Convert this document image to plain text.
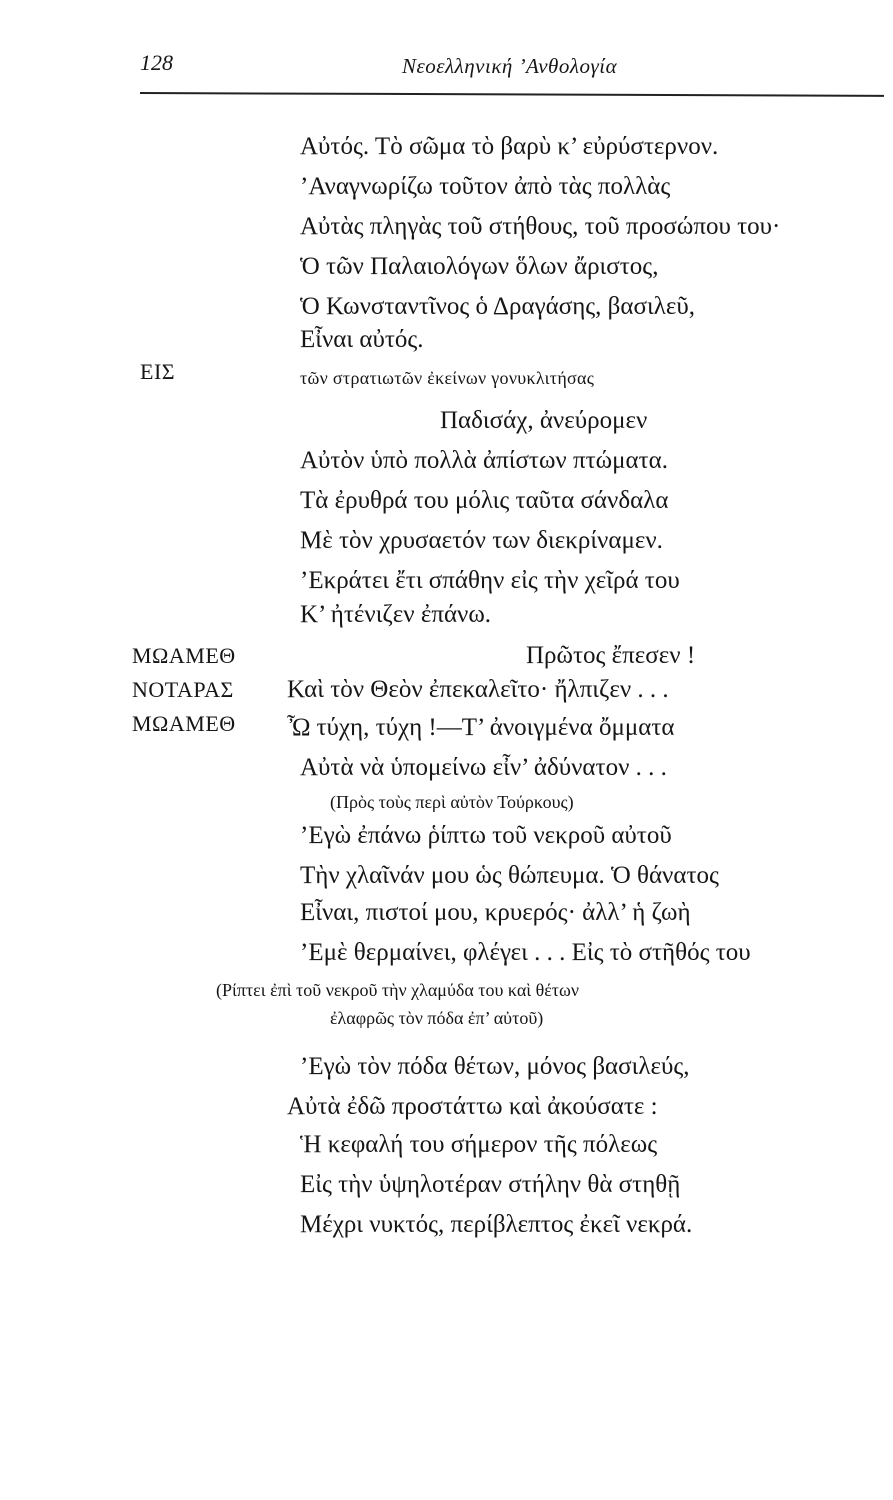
128	Νεοελληνική ’Ανθολογία
ΕΙΣ
ΜΩΑΜΕΘ
ΝΟΤΑΡΑΣ
ΜΩΑΜΕΘ
Αὐτός. Τὸ σῶμα τὸ βαρὺ κ’ εὐρύστερνον.
’Αναγνωρίζω τοῦτον ἀπὸ τὰς πολλὰς
Αὐτὰς πληγὰς τοῦ στήθους, τοῦ προσώπου του·
Ὁ τῶν Παλαιολόγων ὅλων ἄριστος,
Ὁ Κωνσταντῖνος ὁ Δραγάσης, βασιλεῦ,
Εἶναι αὐτός.
τῶν στρατιωτῶν ἐκείνων γονυκλιτήσας
Παδισάχ, ἀνεύρομεν
Αὐτὸν ὑπὸ πολλὰ ἀπίστων πτώματα.
Τὰ ἐρυθρά του μόλις ταῦτα σάνδαλα
Μὲ τὸν χρυσαετόν των διεκρίναμεν.
’Εκράτει ἔτι σπάθην εἰς τὴν χεῖρά του
Κ’ ἠτένιζεν ἐπάνω.
Πρῶτος ἔπεσεν !
Καὶ τὸν Θεὸν ἐπεκαλεῖτο· ἤλπιζεν . . .
Ὦ τύχη, τύχη !—Τ’ ἀνοιγμένα ὄμματα
Αὐτὰ νὰ ὑπομείνω εἶν’ ἀδύνατον . . .
(Πρὸς τοὺς περὶ αὐτὸν Τούρκους)
’Εγὼ ἐπάνω ῥίπτω τοῦ νεκροῦ αὐτοῦ
Τὴν χλαῖνάν μου ὡς θώπευμα. Ὁ θάνατος
Εἶναι, πιστοί μου, κρυερός· ἀλλ’ ἡ ζωὴ
’Εμὲ θερμαίνει, φλέγει . . . Εἰς τὸ στῆθός του
(Ρίπτει ἐπὶ τοῦ νεκροῦ τὴν χλαμύδα του καὶ θέτων
ἐλαφρῶς τὸν πόδα ἐπ’ αὐτοῦ)
’Εγὼ τὸν πόδα θέτων, μόνος βασιλεύς,
Αὐτὰ ἐδῶ προστάττω καὶ ἀκούσατε :
Ἡ κεφαλή του σήμερον τῆς πόλεως
Εἰς τὴν ὑψηλοτέραν στήλην θὰ στηθῇ
Μέχρι νυκτός, περίβλεπτος ἐκεῖ νεκρά.
